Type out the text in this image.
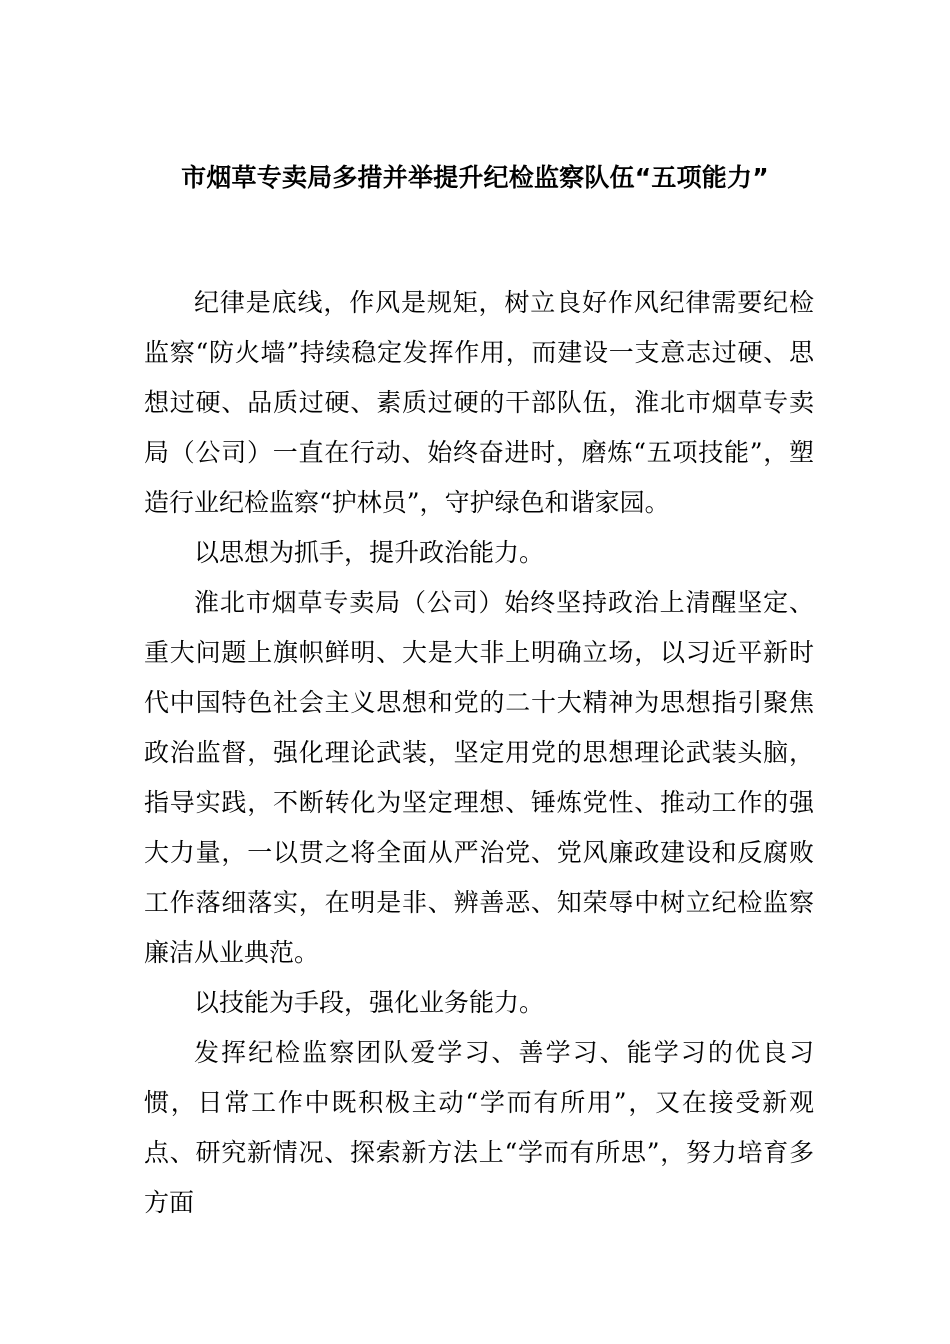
市烟草专卖局多措并举提升纪检监察队伍“五项能力”

纪律是底线，作风是规矩，树立良好作风纪律需要纪检监察“防火墙”持续稳定发挥作用，而建设一支意志过硬、思想过硬、品质过硬、素质过硬的干部队伍，淮北市烟草专卖局（公司）一直在行动、始终奋进时，磨炼“五项技能”，塑造行业纪检监察“护林员”，守护绿色和谐家园。

以思想为抓手，提升政治能力。

淮北市烟草专卖局（公司）始终坚持政治上清醒坚定、重大问题上旗帜鲜明、大是大非上明确立场，以习近平新时代中国特色社会主义思想和党的二十大精神为思想指引聚焦政治监督，强化理论武装，坚定用党的思想理论武装头脑，指导实践，不断转化为坚定理想、锤炼党性、推动工作的强大力量，一以贯之将全面从严治党、党风廉政建设和反腐败工作落细落实，在明是非、辨善恶、知荣辱中树立纪检监察廉洁从业典范。

以技能为手段，强化业务能力。

发挥纪检监察团队爱学习、善学习、能学习的优良习惯，日常工作中既积极主动“学而有所用”，又在接受新观点、研究新情况、探索新方法上“学而有所思”，努力培育多方面
